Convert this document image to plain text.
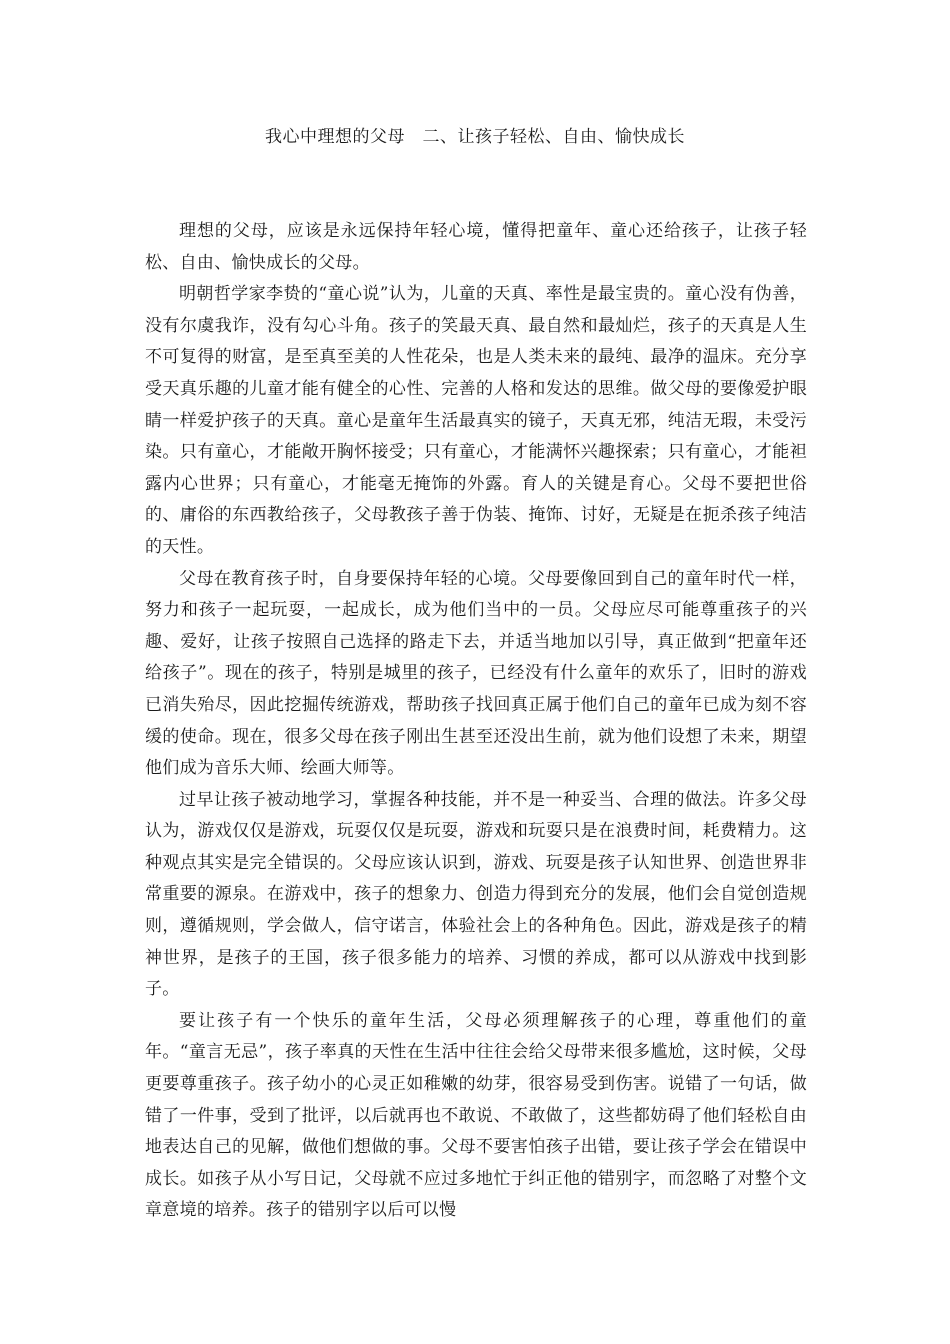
我心中理想的父母　二、让孩子轻松、自由、愉快成长

理想的父母，应该是永远保持年轻心境，懂得把童年、童心还给孩子，让孩子轻松、自由、愉快成长的父母。

明朝哲学家李贽的“童心说”认为，儿童的天真、率性是最宝贵的。童心没有伪善，没有尔虞我诈，没有勾心斗角。孩子的笑最天真、最自然和最灿烂，孩子的天真是人生不可复得的财富，是至真至美的人性花朵，也是人类未来的最纯、最净的温床。充分享受天真乐趣的儿童才能有健全的心性、完善的人格和发达的思维。做父母的要像爱护眼睛一样爱护孩子的天真。童心是童年生活最真实的镜子，天真无邪，纯洁无瑕，未受污染。只有童心，才能敞开胸怀接受；只有童心，才能满怀兴趣探索；只有童心，才能袒露内心世界；只有童心，才能毫无掩饰的外露。育人的关键是育心。父母不要把世俗的、庸俗的东西教给孩子，父母教孩子善于伪装、掩饰、讨好，无疑是在扼杀孩子纯洁的天性。

父母在教育孩子时，自身要保持年轻的心境。父母要像回到自己的童年时代一样，努力和孩子一起玩耍，一起成长，成为他们当中的一员。父母应尽可能尊重孩子的兴趣、爱好，让孩子按照自己选择的路走下去，并适当地加以引导，真正做到“把童年还给孩子”。现在的孩子，特别是城里的孩子，已经没有什么童年的欢乐了，旧时的游戏已消失殆尽，因此挖掘传统游戏，帮助孩子找回真正属于他们自己的童年已成为刻不容缓的使命。现在，很多父母在孩子刚出生甚至还没出生前，就为他们设想了未来，期望他们成为音乐大师、绘画大师等。

过早让孩子被动地学习，掌握各种技能，并不是一种妥当、合理的做法。许多父母认为，游戏仅仅是游戏，玩耍仅仅是玩耍，游戏和玩耍只是在浪费时间，耗费精力。这种观点其实是完全错误的。父母应该认识到，游戏、玩耍是孩子认知世界、创造世界非常重要的源泉。在游戏中，孩子的想象力、创造力得到充分的发展，他们会自觉创造规则，遵循规则，学会做人，信守诺言，体验社会上的各种角色。因此，游戏是孩子的精神世界，是孩子的王国，孩子很多能力的培养、习惯的养成，都可以从游戏中找到影子。

要让孩子有一个快乐的童年生活，父母必须理解孩子的心理，尊重他们的童年。“童言无忌”，孩子率真的天性在生活中往往会给父母带来很多尴尬，这时候，父母更要尊重孩子。孩子幼小的心灵正如稚嫩的幼芽，很容易受到伤害。说错了一句话，做错了一件事，受到了批评，以后就再也不敢说、不敢做了，这些都妨碍了他们轻松自由地表达自己的见解，做他们想做的事。父母不要害怕孩子出错，要让孩子学会在错误中成长。如孩子从小写日记，父母就不应过多地忙于纠正他的错别字，而忽略了对整个文章意境的培养。孩子的错别字以后可以慢
